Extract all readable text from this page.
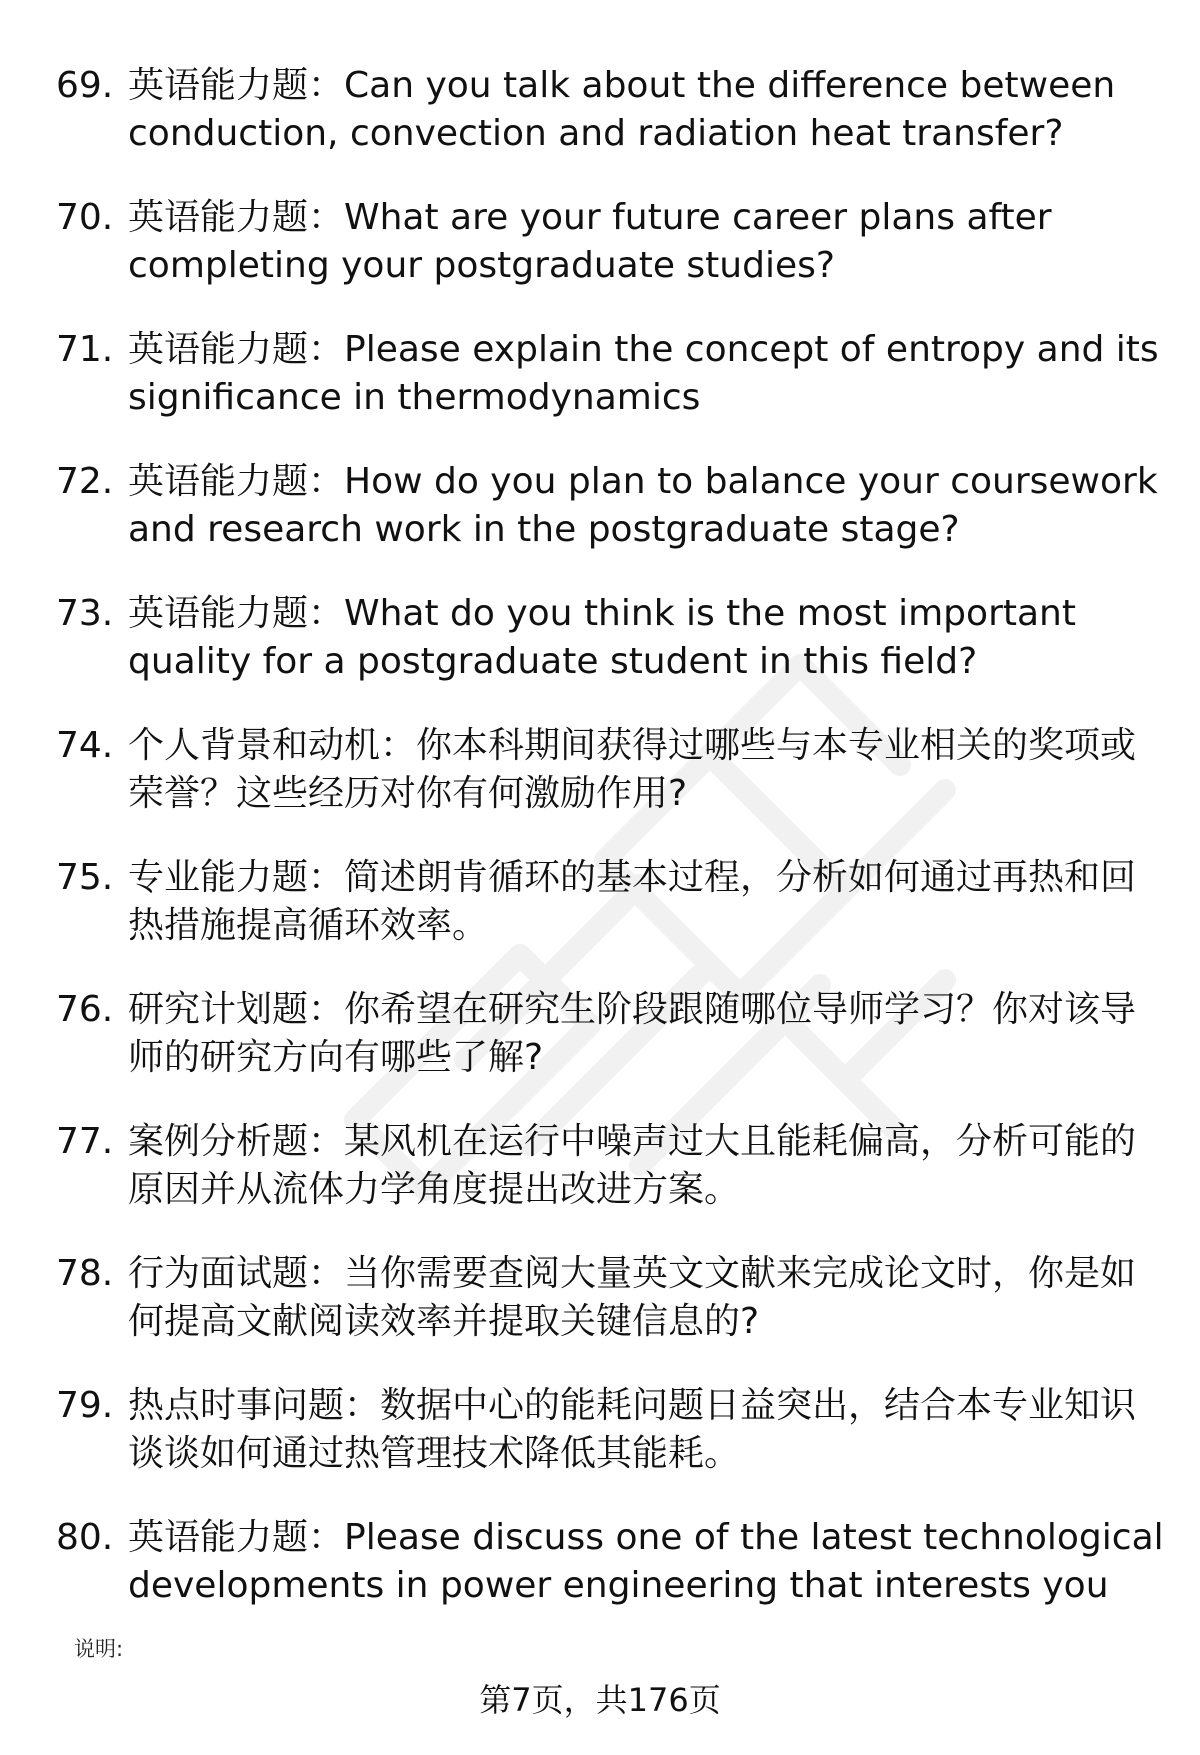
69. 英语能力题：Can you talk about the difference between conduction, convection and radiation heat transfer?
70. 英语能力题：What are your future career plans after completing your postgraduate studies?
71. 英语能力题：Please explain the concept of entropy and its significance in thermodynamics
72. 英语能力题：How do you plan to balance your coursework and research work in the postgraduate stage?
73. 英语能力题：What do you think is the most important quality for a postgraduate student in this field?
74. 个人背景和动机：你本科期间获得过哪些与本专业相关的奖项或荣誉？这些经历对你有何激励作用?
75. 专业能力题：简述朗肯循环的基本过程，分析如何通过再热和回热措施提高循环效率。
76. 研究计划题：你希望在研究生阶段跟随哪位导师学习？你对该导师的研究方向有哪些了解?
77. 案例分析题：某风机在运行中噪声过大且能耗偏高，分析可能的原因并从流体力学角度提出改进方案。
78. 行为面试题：当你需要查阅大量英文文献来完成论文时，你是如何提高文献阅读效率并提取关键信息的?
79. 热点时事问题：数据中心的能耗问题日益突出，结合本专业知识谈谈如何通过热管理技术降低其能耗。
80. 英语能力题：Please discuss one of the latest technological developments in power engineering that interests you
说明:
第7页，共176页
